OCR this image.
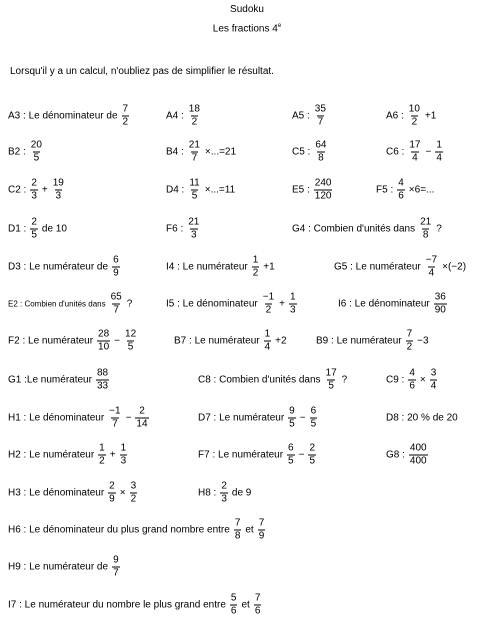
Sudoku
Les fractions 4e
Lorsqu'il y a un calcul, n'oubliez pas de simplifier le résultat.
A3 : Le dénominateur de $\frac{7}{2}$	A4 : $\frac{18}{2}$	A5 : $\frac{35}{7}$	A6 : $\frac{10}{2} +1$
B2 : $\frac{20}{5}$	B4 : $\frac{21}{7} \times...=21$	C5 : $\frac{64}{8}$	C6 : $\frac{17}{4} - \frac{1}{4}$
C2 : $\frac{2}{3} + \frac{19}{3}$	D4 : $\frac{11}{5} \times...=11$	E5 : $\frac{240}{120}$	F5 : $\frac{4}{6} \times 6=$...
D1 : $\frac{2}{5}$ de 10	F6 : $\frac{21}{3}$	G4 : Combien d'unités dans $\frac{21}{8}$ ?
D3 : Le numérateur de $\frac{6}{9}$	I4 : Le numérateur $\frac{1}{2} +1$	G5 : Le numérateur $\frac{-7}{4} \times(-2)$
E2 : Combien d'unités dans $\frac{65}{7}$ ?	I5 : Le dénominateur $\frac{-1}{2} + \frac{1}{3}$	I6 : Le dénominateur $\frac{36}{90}$
F2 : Le numérateur $\frac{28}{10} - \frac{12}{5}$	B7 : Le numérateur $\frac{1}{4} +2$	B9 : Le numérateur $\frac{7}{2} -3$
G1 :Le numérateur $\frac{88}{33}$	C8 : Combien d'unités dans $\frac{17}{5}$ ?	C9 : $\frac{4}{6} \times \frac{3}{4}$
H1 : Le dénominateur $\frac{-1}{7} - \frac{2}{14}$	D7 : Le numérateur $\frac{9}{5} - \frac{6}{5}$	D8 : 20 % de 20
H2 : Le numérateur $\frac{1}{2} + \frac{1}{3}$	F7 : Le numérateur $\frac{6}{5} - \frac{2}{5}$	G8 : $\frac{400}{400}$
H3 : Le dénominateur $\frac{2}{9} \times \frac{3}{2}$	H8 : $\frac{2}{3}$ de 9
H6 : Le dénominateur du plus grand nombre entre $\frac{7}{8}$ et $\frac{7}{9}$
H9 : Le numérateur de $\frac{9}{7}$
I7 : Le numérateur du nombre le plus grand entre $\frac{5}{6}$ et $\frac{7}{6}$
